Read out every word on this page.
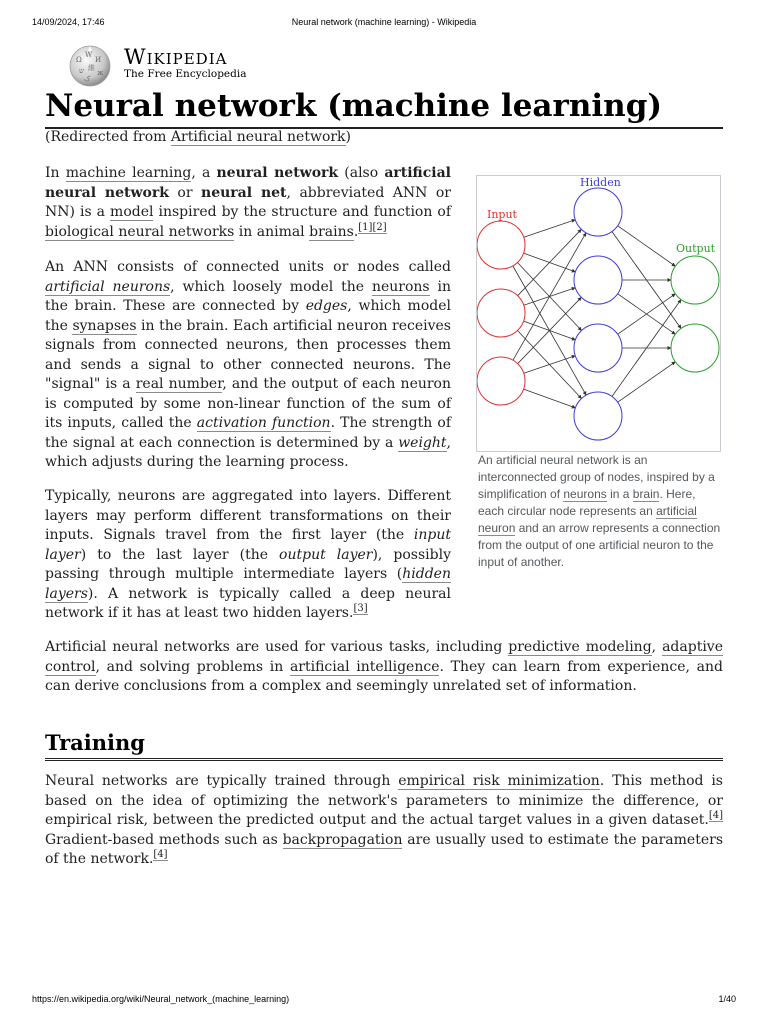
14/09/2024, 17:46	Neural network (machine learning) - Wikipedia
Ω
W
И
ש 維
ж
ک
Wikipedia
The Free Encyclopedia
Neural network (machine learning)
(Redirected from Artificial neural network)

In machine learning, a neural network (also artificial neural network or neural net, abbreviated ANN or NN) is a model inspired by the structure and function of biological neural networks in animal brains.[1][2]

An ANN consists of connected units or nodes called artificial neurons, which loosely model the neurons in the brain. These are connected by edges, which model the synapses in the brain. Each artificial neuron receives signals from connected neurons, then processes them and sends a signal to other connected neurons. The "signal" is a real number, and the output of each neuron is computed by some non-linear function of the sum of its inputs, called the activation function. The strength of the signal at each connection is determined by a weight, which adjusts during the learning process.

Typically, neurons are aggregated into layers. Different layers may perform different transformations on their inputs. Signals travel from the first layer (the input layer) to the last layer (the output layer), possibly passing through multiple intermediate layers (hidden layers). A network is typically called a deep neural network if it has at least two hidden layers.[3]

Input
Hidden
Output
An artificial neural network is an interconnected group of nodes, inspired by a simplification of neurons in a brain. Here, each circular node represents an artificial neuron and an arrow represents a connection from the output of one artificial neuron to the input of another.

Artificial neural networks are used for various tasks, including predictive modeling, adaptive control, and solving problems in artificial intelligence. They can learn from experience, and can derive conclusions from a complex and seemingly unrelated set of information.

Training

Neural networks are typically trained through empirical risk minimization. This method is based on the idea of optimizing the network's parameters to minimize the difference, or empirical risk, between the predicted output and the actual target values in a given dataset.[4] Gradient-based methods such as backpropagation are usually used to estimate the parameters of the network.[4]

https://en.wikipedia.org/wiki/Neural_network_(machine_learning)	1/40
